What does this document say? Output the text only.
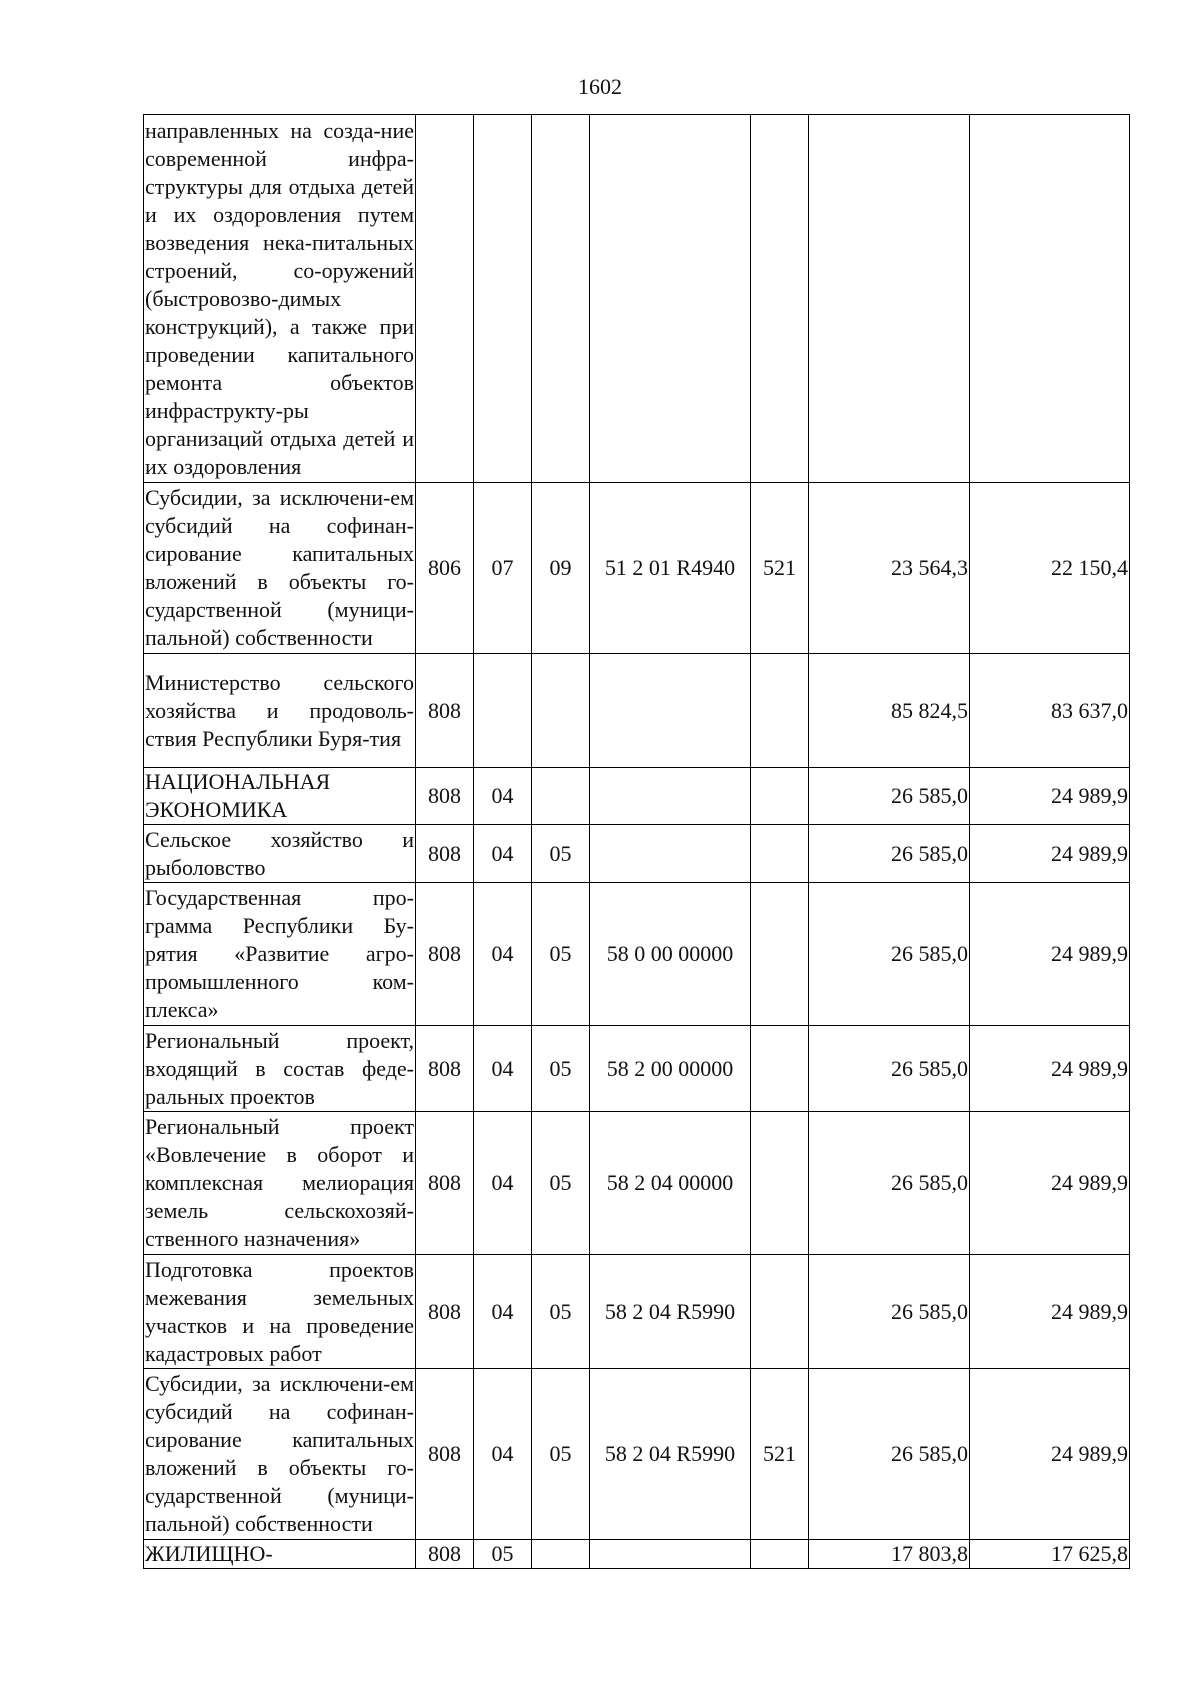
1602
направленных на созда-ние современной инфра-структуры для отдыха детей и их оздоровления путем возведения нека-питальных строений, со-оружений (быстровозво-димых конструкций), а также при проведении капитального ремонта объектов инфраструкту-ры организаций отдыха детей и их оздоровления							
Субсидии, за исключени-ем субсидий на софинан-сирование капитальных вложений в объекты го-сударственной (муници-пальной) собственности	806	07	09	51 2 01 R4940	521	23 564,3	22 150,4
Министерство сельского хозяйства и продоволь-ствия Республики Буря-тия	808					85 824,5	83 637,0
НАЦИОНАЛЬНАЯ ЭКОНОМИКА	808	04				26 585,0	24 989,9
Сельское хозяйство и рыболовство	808	04	05			26 585,0	24 989,9
Государственная про-грамма Республики Бу-рятия «Развитие агро-промышленного ком-плекса»	808	04	05	58 0 00 00000		26 585,0	24 989,9
Региональный проект, входящий в состав феде-ральных проектов	808	04	05	58 2 00 00000		26 585,0	24 989,9
Региональный проект «Вовлечение в оборот и комплексная мелиорация земель сельскохозяй-ственного назначения»	808	04	05	58 2 04 00000		26 585,0	24 989,9
Подготовка проектов межевания земельных участков и на проведение кадастровых работ	808	04	05	58 2 04 R5990		26 585,0	24 989,9
Субсидии, за исключени-ем субсидий на софинан-сирование капитальных вложений в объекты го-сударственной (муници-пальной) собственности	808	04	05	58 2 04 R5990	521	26 585,0	24 989,9
ЖИЛИЩНО-	808	05				17 803,8	17 625,8
